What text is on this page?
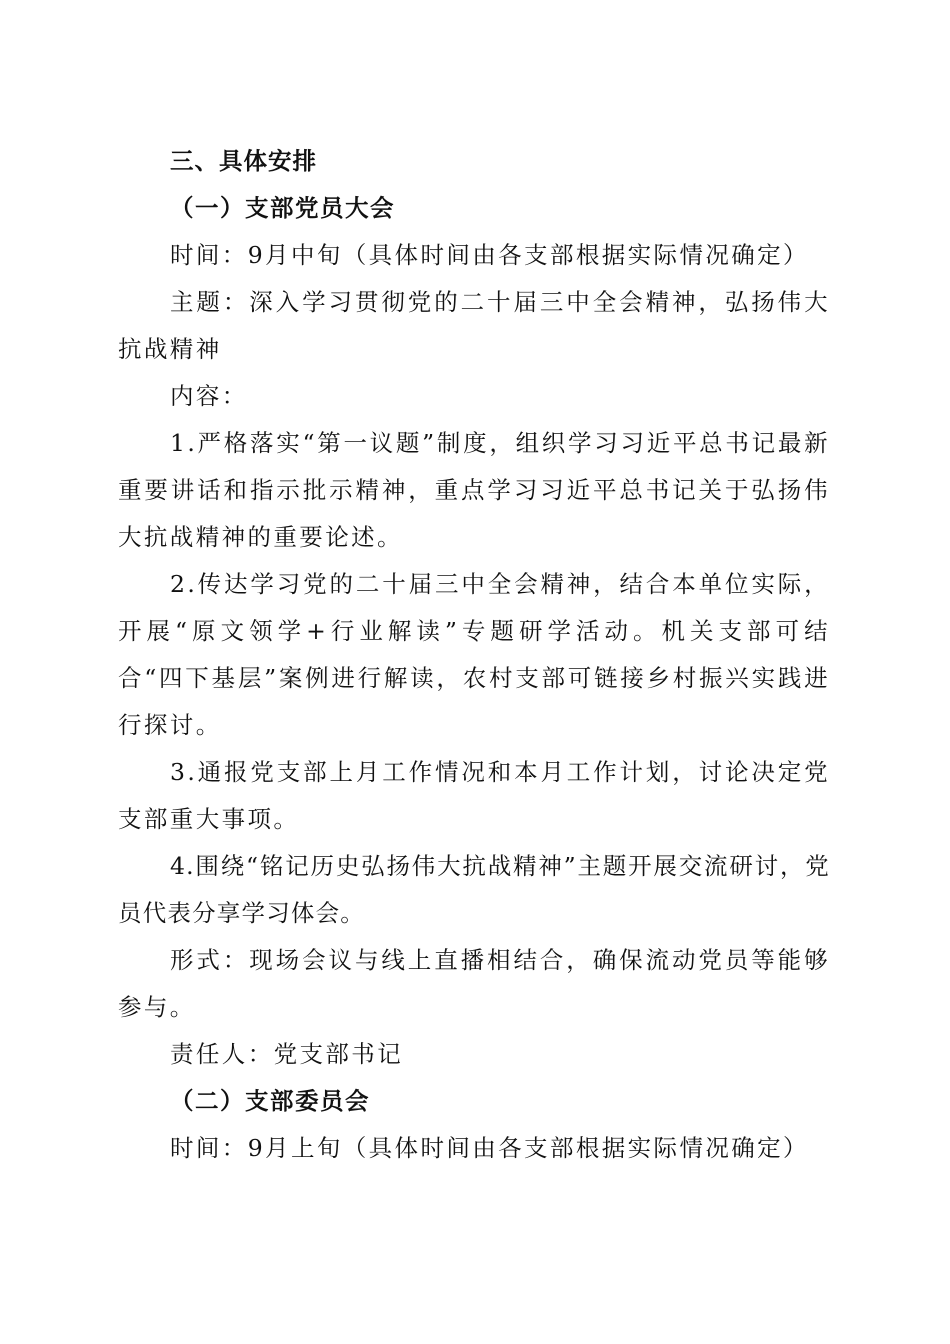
三、具体安排

（一）支部党员大会

时间：9月中旬（具体时间由各支部根据实际情况确定）

主题：深入学习贯彻党的二十届三中全会精神，弘扬伟大抗战精神

内容：

1.严格落实“第一议题”制度，组织学习习近平总书记最新重要讲话和指示批示精神，重点学习习近平总书记关于弘扬伟大抗战精神的重要论述。

2.传达学习党的二十届三中全会精神，结合本单位实际，开展“原文领学+行业解读”专题研学活动。机关支部可结合“四下基层”案例进行解读，农村支部可链接乡村振兴实践进行探讨。

3.通报党支部上月工作情况和本月工作计划，讨论决定党支部重大事项。

4.围绕“铭记历史弘扬伟大抗战精神”主题开展交流研讨，党员代表分享学习体会。

形式：现场会议与线上直播相结合，确保流动党员等能够参与。

责任人：党支部书记

（二）支部委员会

时间：9月上旬（具体时间由各支部根据实际情况确定）
